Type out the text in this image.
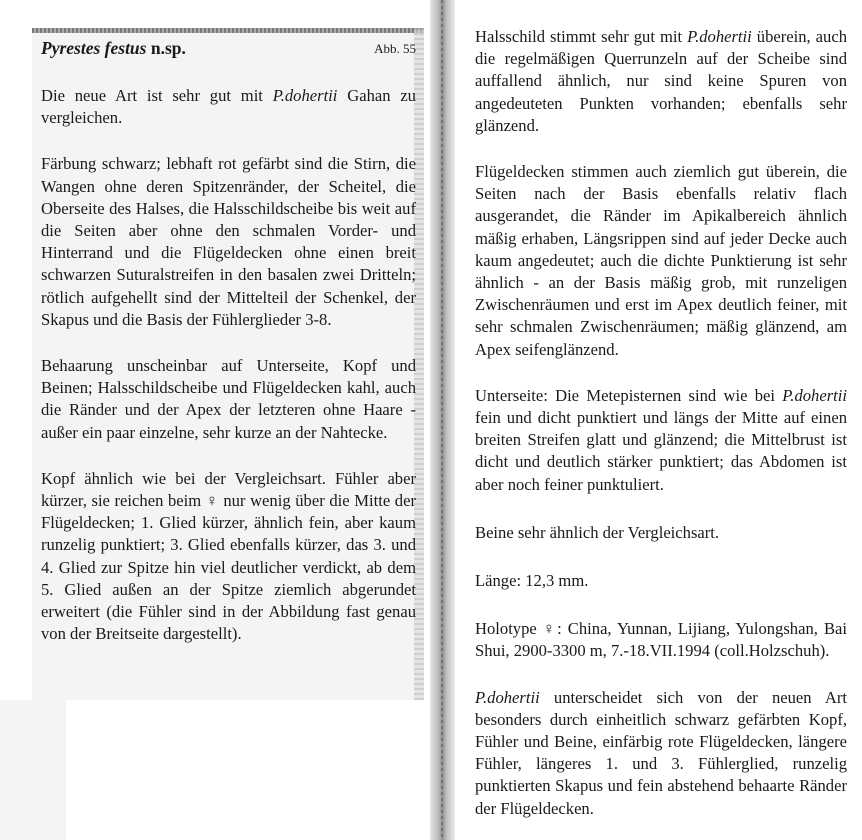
Pyrestes festus n.sp.	Abb. 55

Die neue Art ist sehr gut mit P.dohertii Gahan zu vergleichen.

Färbung schwarz; lebhaft rot gefärbt sind die Stirn, die Wangen ohne deren Spitzenränder, der Scheitel, die Oberseite des Halses, die Halsschildscheibe bis weit auf die Seiten aber ohne den schmalen Vorder- und Hinterrand und die Flügeldecken ohne einen breit schwarzen Suturalstreifen in den basalen zwei Dritteln; rötlich aufgehellt sind der Mittelteil der Schenkel, der Skapus und die Basis der Fühlerglieder 3-8.

Behaarung unscheinbar auf Unterseite, Kopf und Beinen; Halsschildscheibe und Flügeldecken kahl, auch die Ränder und der Apex der letzteren ohne Haare - außer ein paar einzelne, sehr kurze an der Nahtecke.

Kopf ähnlich wie bei der Vergleichsart. Fühler aber kürzer, sie reichen beim ♀ nur wenig über die Mitte der Flügeldecken; 1. Glied kürzer, ähnlich fein, aber kaum runzelig punktiert; 3. Glied ebenfalls kürzer, das 3. und 4. Glied zur Spitze hin viel deutlicher verdickt, ab dem 5. Glied außen an der Spitze ziemlich abgerundet erweitert (die Fühler sind in der Abbildung fast genau von der Breitseite dargestellt).

Halsschild stimmt sehr gut mit P.dohertii überein, auch die regelmäßigen Querrunzeln auf der Scheibe sind auffallend ähnlich, nur sind keine Spuren von angedeuteten Punkten vorhanden; ebenfalls sehr glänzend.

Flügeldecken stimmen auch ziemlich gut überein, die Seiten nach der Basis ebenfalls relativ flach ausgerandet, die Ränder im Apikalbereich ähnlich mäßig erhaben, Längsrippen sind auf jeder Decke auch kaum angedeutet; auch die dichte Punktierung ist sehr ähnlich - an der Basis mäßig grob, mit runzeligen Zwischenräumen und erst im Apex deutlich feiner, mit sehr schmalen Zwischenräumen; mäßig glänzend, am Apex seifenglänzend.

Unterseite: Die Metepisternen sind wie bei P.dohertii fein und dicht punktiert und längs der Mitte auf einen breiten Streifen glatt und glänzend; die Mittelbrust ist dicht und deutlich stärker punktiert; das Abdomen ist aber noch feiner punktuliert.

Beine sehr ähnlich der Vergleichsart.

Länge: 12,3 mm.

Holotype ♀: China, Yunnan, Lijiang, Yulongshan, Bai Shui, 2900-3300 m, 7.-18.VII.1994 (coll.Holzschuh).

P.dohertii unterscheidet sich von der neuen Art besonders durch einheitlich schwarz gefärbten Kopf, Fühler und Beine, einfärbig rote Flügeldecken, längere Fühler, längeres 1. und 3. Fühlerglied, runzelig punktierten Skapus und fein abstehend behaarte Ränder der Flügeldecken.
